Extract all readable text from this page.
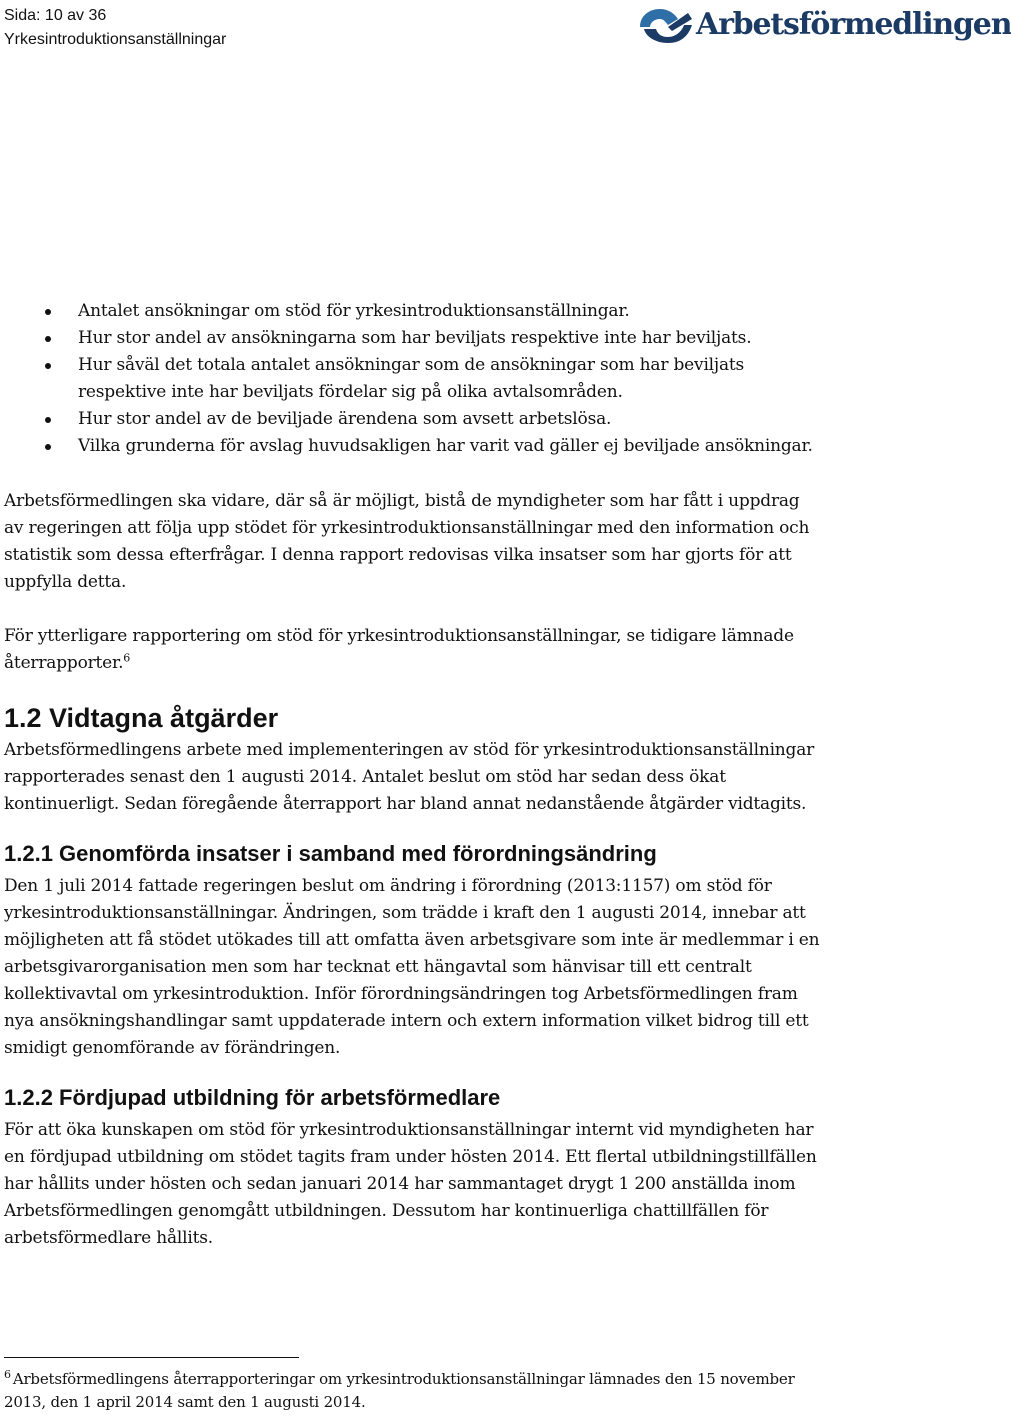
Sida: 10 av 36
Yrkesintroduktionsanställningar	Arbetsförmedlingen
Antalet ansökningar om stöd för yrkesintroduktionsanställningar.
Hur stor andel av ansökningarna som har beviljats respektive inte har beviljats.
Hur såväl det totala antalet ansökningar som de ansökningar som har beviljats respektive inte har beviljats fördelar sig på olika avtalsområden.
Hur stor andel av de beviljade ärendena som avsett arbetslösa.
Vilka grunderna för avslag huvudsakligen har varit vad gäller ej beviljade ansökningar.

Arbetsförmedlingen ska vidare, där så är möjligt, bistå de myndigheter som har fått i uppdrag av regeringen att följa upp stödet för yrkesintroduktionsanställningar med den information och statistik som dessa efterfrågar. I denna rapport redovisas vilka insatser som har gjorts för att uppfylla detta.

För ytterligare rapportering om stöd för yrkesintroduktionsanställningar, se tidigare lämnade återrapporter.$^6$

1.2 Vidtagna åtgärder

Arbetsförmedlingens arbete med implementeringen av stöd för yrkesintroduktionsanställningar rapporterades senast den 1 augusti 2014. Antalet beslut om stöd har sedan dess ökat kontinuerligt. Sedan föregående återrapport har bland annat nedanstående åtgärder vidtagits.

1.2.1 Genomförda insatser i samband med förordningsändring

Den 1 juli 2014 fattade regeringen beslut om ändring i förordning (2013:1157) om stöd för yrkesintroduktionsanställningar. Ändringen, som trädde i kraft den 1 augusti 2014, innebar att möjligheten att få stödet utökades till att omfatta även arbetsgivare som inte är medlemmar i en arbetsgivarorganisation men som har tecknat ett hängavtal som hänvisar till ett centralt kollektivavtal om yrkesintroduktion. Inför förordningsändringen tog Arbetsförmedlingen fram nya ansökningshandlingar samt uppdaterade intern och extern information vilket bidrog till ett smidigt genomförande av förändringen.

1.2.2 Fördjupad utbildning för arbetsförmedlare

För att öka kunskapen om stöd för yrkesintroduktionsanställningar internt vid myndigheten har en fördjupad utbildning om stödet tagits fram under hösten 2014. Ett flertal utbildningstillfällen har hållits under hösten och sedan januari 2014 har sammantaget drygt 1 200 anställda inom Arbetsförmedlingen genomgått utbildningen. Dessutom har kontinuerliga chattillfällen för arbetsförmedlare hållits.

$^6$ Arbetsförmedlingens återrapporteringar om yrkesintroduktionsanställningar lämnades den 15 november 2013, den 1 april 2014 samt den 1 augusti 2014.
